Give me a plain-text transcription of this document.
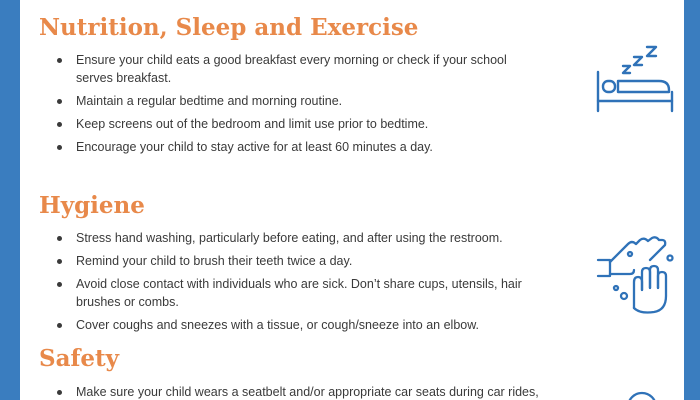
Nutrition, Sleep and Exercise
Ensure your child eats a good breakfast every morning or check if your school serves breakfast.
Maintain a regular bedtime and morning routine.
Keep screens out of the bedroom and limit use prior to bedtime.
Encourage your child to stay active for at least 60 minutes a day.
Hygiene
Stress hand washing, particularly before eating, and after using the restroom.
Remind your child to brush their teeth twice a day.
Avoid close contact with individuals who are sick. Don’t share cups, utensils, hair brushes or combs.
Cover coughs and sneezes with a tissue, or cough/sneeze into an elbow.
Safety
Make sure your child wears a seatbelt and/or appropriate car seats during car rides,
